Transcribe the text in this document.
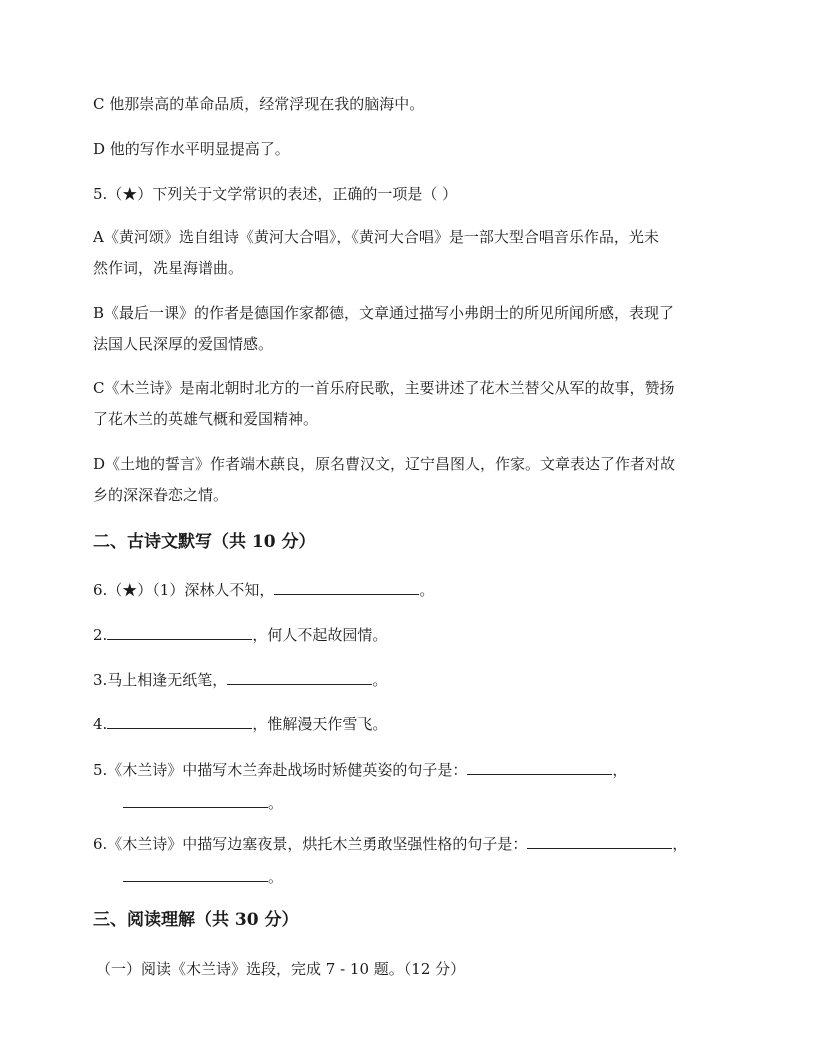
C 他那崇高的革命品质，经常浮现在我的脑海中。

D 他的写作水平明显提高了。

5.（★）下列关于文学常识的表述，正确的一项是（ ）

A《黄河颂》选自组诗《黄河大合唱》，《黄河大合唱》是一部大型合唱音乐作品，光未
然作词，冼星海谱曲。
B《最后一课》的作者是德国作家都德，文章通过描写小弗朗士的所见所闻所感，表现了
法国人民深厚的爱国情感。
C《木兰诗》是南北朝时北方的一首乐府民歌，主要讲述了花木兰替父从军的故事，赞扬
了花木兰的英雄气概和爱国精神。
D《土地的誓言》作者端木蕻良，原名曹汉文，辽宁昌图人，作家。文章表达了作者对故
乡的深深眷恋之情。

二、古诗文默写（共 10 分）

6.（★）（1）深林人不知，	。

2.	，何人不起故园情。

3.马上相逢无纸笔，	。

4.	，惟解漫天作雪飞。

5.《木兰诗》中描写木兰奔赴战场时矫健英姿的句子是：	，
。
6.《木兰诗》中描写边塞夜景，烘托木兰勇敢坚强性格的句子是：	，
。

三、阅读理解（共 30 分）

（一）阅读《木兰诗》选段，完成 7 - 10 题。（12 分）
